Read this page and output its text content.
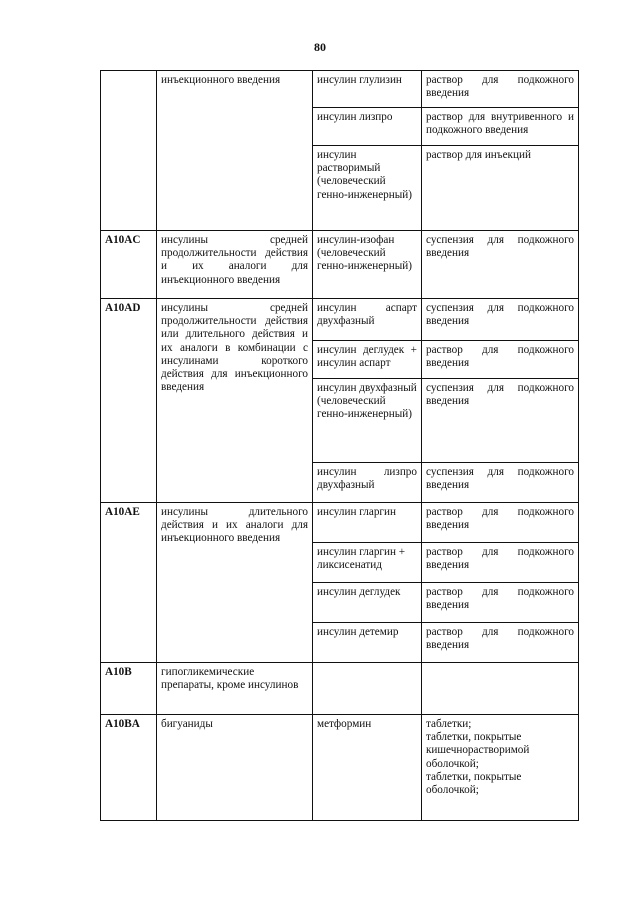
80
	инъекционного введения	инсулин глулизин	раствор для подкожного введения
		инсулин лизпро	раствор для внутривенного и подкожного введения
		инсулин растворимый (человеческий генно-инженерный)	раствор для инъекций
A10AC	инсулины средней продолжительности действия и их аналоги для инъекционного введения	инсулин-изофан (человеческий генно-инженерный)	суспензия для подкожного введения
A10AD	инсулины средней продолжительности действия или длительного действия и их аналоги в комбинации с инсулинами короткого действия для инъекционного введения	инсулин аспарт двухфазный	суспензия для подкожного введения
		инсулин деглудек + инсулин аспарт	раствор для подкожного введения
		инсулин двухфазный (человеческий генно-инженерный)	суспензия для подкожного введения
		инсулин лизпро двухфазный	суспензия для подкожного введения
A10AE	инсулины длительного действия и их аналоги для инъекционного введения	инсулин гларгин	раствор для подкожного введения
		инсулин гларгин + ликсисенатид	раствор для подкожного введения
		инсулин деглудек	раствор для подкожного введения
		инсулин детемир	раствор для подкожного введения
A10B	гипогликемические препараты, кроме инсулинов		
A10BA	бигуаниды	метформин	таблетки;
таблетки, покрытые кишечнорастворимой оболочкой;
таблетки, покрытые оболочкой;
